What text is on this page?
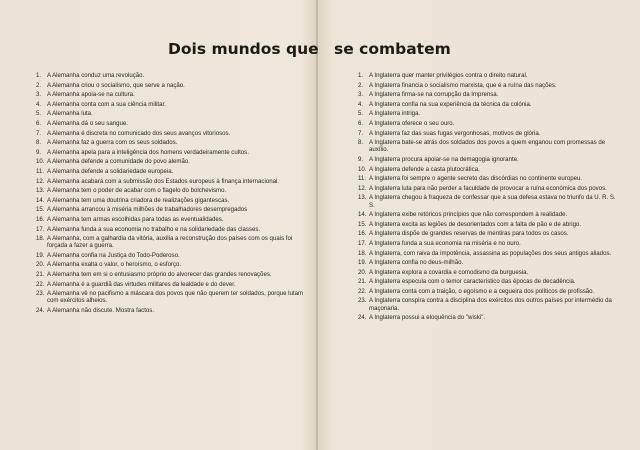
Dois mundos que se combatem
1. A Alemanha conduz uma revolução.
2. A Alemanha criou o socialismo, que serve a nação.
3. A Alemanha apoia-se na cultura.
4. A Alemanha conta com a sua ciência militar.
5. A Alemanha luta.
6. A Alemanha dá o seu sangue.
7. A Alemanha é discreta no comunicado dos seus avanços vitoriosos.
8. A Alemanha faz a guerra com os seus soldados.
9. A Alemanha apela para a inteligência dos homens verdadeiramente cultos.
10. A Alemanha defende a comunidade do povo alemão.
11. A Alemanha defende a solidariedade europeia.
12. A Alemanha acabará com a submissão dos Estados europeus à finança internacional.
13. A Alemanha tem o poder de acabar com o flagelo do bolchevismo.
14. A Alemanha tem uma doutrina criadora de realizações gigantescas.
15. A Alemanha arrancou à miséria milhões de trabalhadores desempregados
16. A Alemanha tem armas escolhidas para todas as eventualidades.
17. A Alemanha funda a sua economia no trabalho e na solidariedade das classes.
18. A Alemanha, com a galhardia da vitória, auxilia a reconstrução dos países com os quais foi forçada a fazer a guerra.
19. A Alemanha confia na Justiça do Todo-Poderoso.
20. A Alemanha exalta o valor, o heroísmo, o esforço.
21. A Alemanha tem em si o entusiasmo próprio do alvorecer das grandes renovações.
22. A Alemanha é a guardiã das virtudes militares da lealdade e do dever.
23. A Alemanha vê no pacifismo a máscara dos povos que não querem ter soldados, porque lutam com exércitos alheios.
24. A Alemanha não discute. Mostra factos.
1. A Inglaterra quer manter privilégios contra o direito natural.
2. A Inglaterra financia o socialismo marxista, que é a ruína das nações.
3. A Inglaterra firma-se na corrupção da Imprensa.
4. A Inglaterra confia na sua experiência da técnica da colónia.
5. A Inglaterra intriga.
6. A Inglaterra oferece o seu ouro.
7. A Inglaterra faz das suas fugas vergonhosas, motivos de glória.
8. A Inglaterra bate-se atrás dos soldados dos povos a quem enganou com promessas de auxílio.
9. A Inglaterra procura apoiar-se na demagogia ignorante.
10. A Inglaterra defende a casta plutocrática.
11. A Inglaterra foi sempre o agente secreto das discórdias no continente europeu.
12. A Inglaterra luta para não perder a faculdade de provocar a ruína económica dos povos.
13. A Inglaterra chegou à fraqueza de confessar que a sua defesa estava no triunfo da U. R. S. S.
14. A Inglaterra exibe retóricos princípios que não correspondem à realidade.
15. A Inglaterra excita as legiões de desorientados com a falta de pão e de abrigo.
16. A Inglaterra dispõe de grandes reservas de mentiras para todos os casos.
17. A Inglaterra funda a sua economia na miséria e no ouro.
18. A Inglaterra, com raiva da impotência, assassina as populações dos seus antigos aliados.
19. A Inglaterra confia no deus-milhão.
20. A Inglaterra explora a covardia e comodismo da burguesia.
21. A Inglaterra especula com o temor característico das épocas de decadência.
22. A Inglaterra conta com a traição, o egoísmo e a cegueira dos políticos de profissão.
23. A Inglaterra conspira contra a disciplina dos exércitos dos outros países por intermédio da maçonaria.
24. A Inglaterra possui a eloquência do "wiski".
